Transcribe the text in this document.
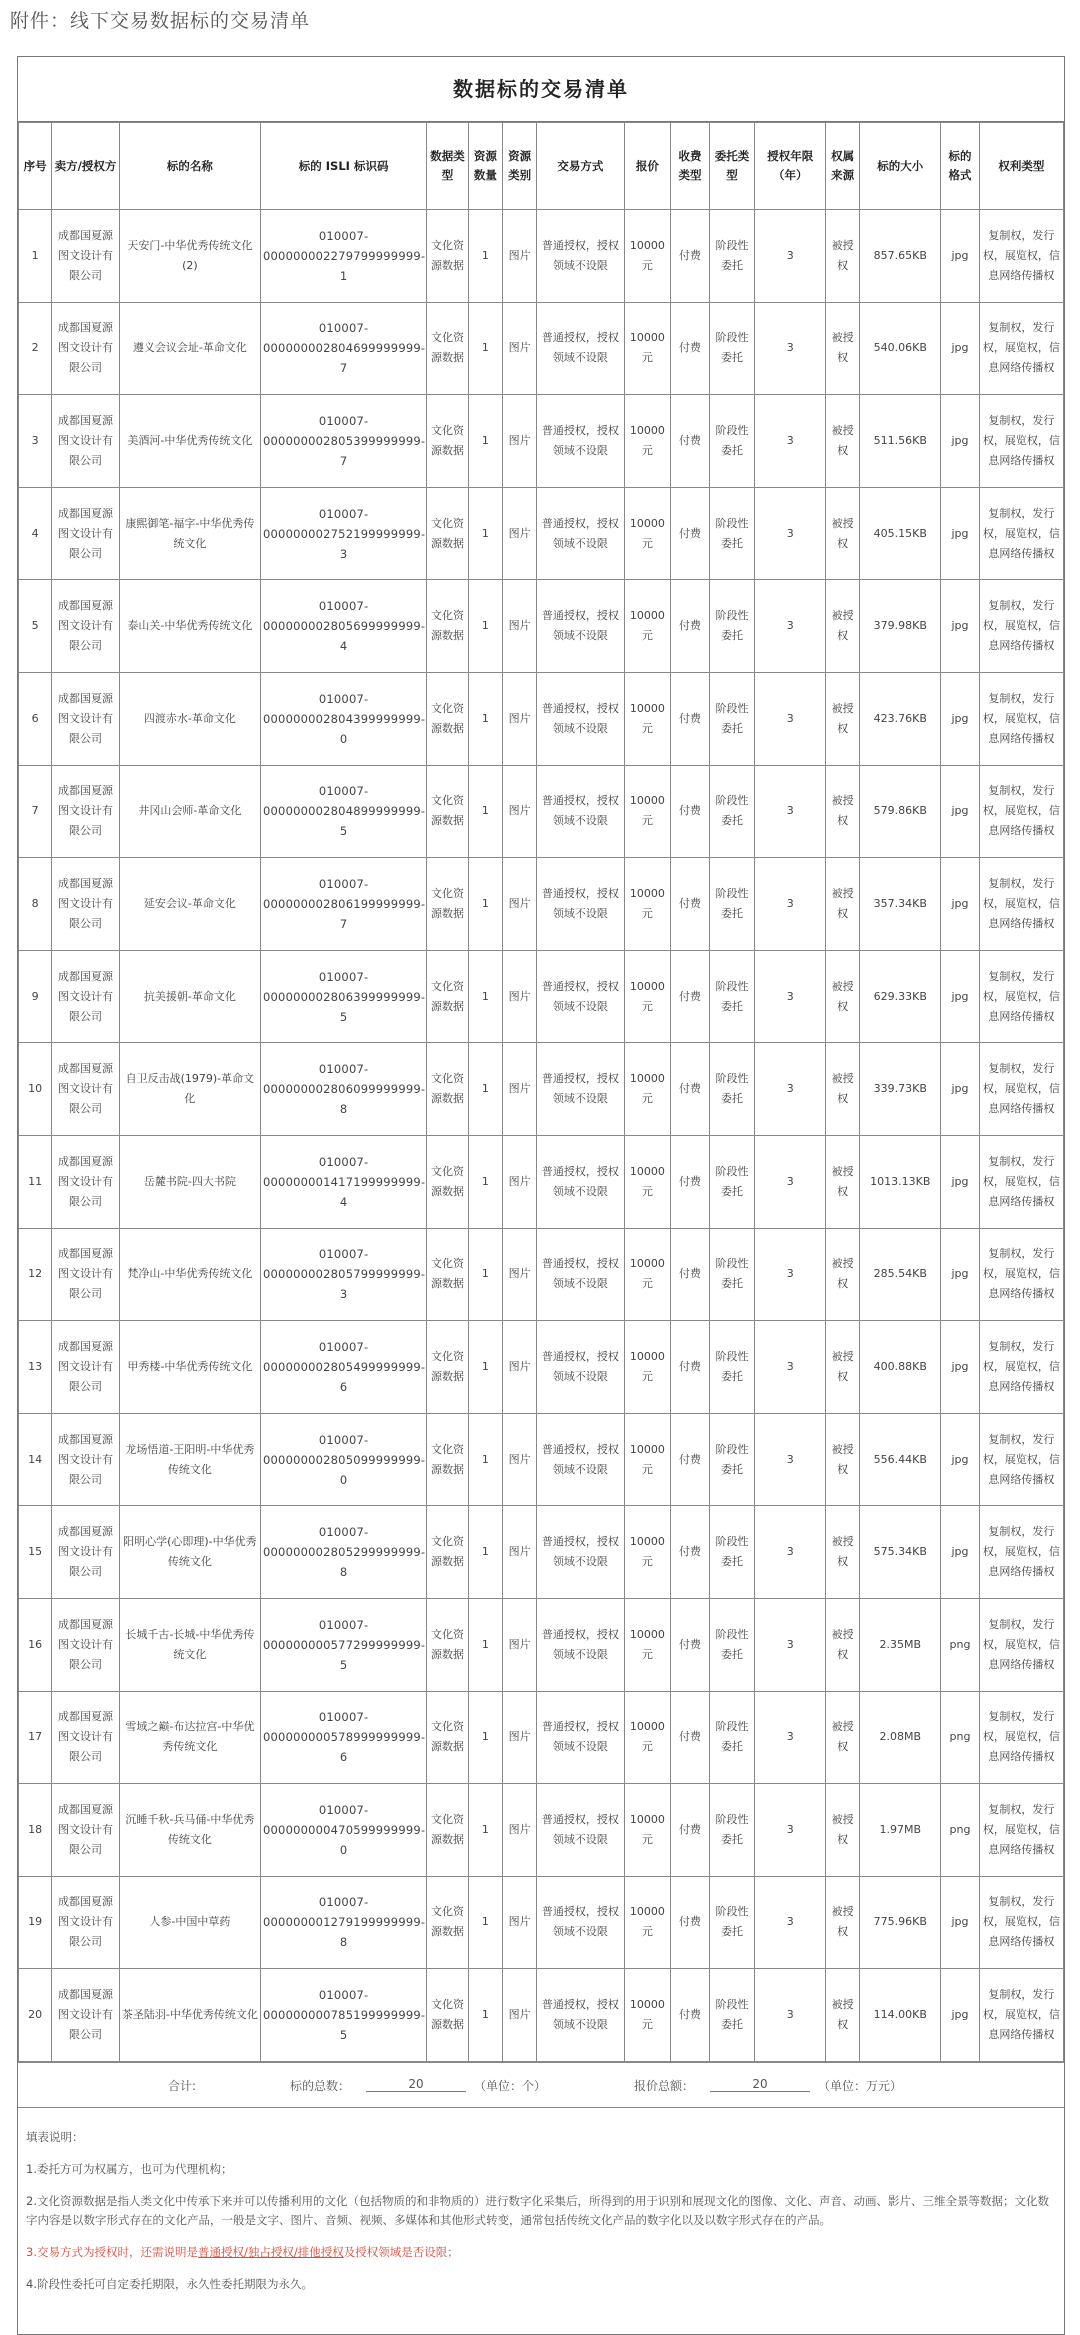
附件：线下交易数据标的交易清单
数据标的交易清单
序号	卖方/授权方	标的名称	标的 ISLI 标识码	数据类型	资源数量	资源类别	交易方式	报价	收费类型	委托类型	授权年限（年）	权属来源	标的大小	标的格式	权利类型
1	成都国夏源图文设计有限公司	天安门-中华优秀传统文化(2)	010007-000000002279799999999-1	文化资源数据	1	图片	普通授权，授权领域不设限	10000元	付费	阶段性委托	3	被授权	857.65KB	jpg	复制权，发行权，展览权，信息网络传播权
2	成都国夏源图文设计有限公司	遵义会议会址-革命文化	010007-000000002804699999999-7	文化资源数据	1	图片	普通授权，授权领域不设限	10000元	付费	阶段性委托	3	被授权	540.06KB	jpg	复制权，发行权，展览权，信息网络传播权
3	成都国夏源图文设计有限公司	美酒河-中华优秀传统文化	010007-000000002805399999999-7	文化资源数据	1	图片	普通授权，授权领域不设限	10000元	付费	阶段性委托	3	被授权	511.56KB	jpg	复制权，发行权，展览权，信息网络传播权
4	成都国夏源图文设计有限公司	康熙御笔-福字-中华优秀传统文化	010007-000000002752199999999-3	文化资源数据	1	图片	普通授权，授权领域不设限	10000元	付费	阶段性委托	3	被授权	405.15KB	jpg	复制权，发行权，展览权，信息网络传播权
5	成都国夏源图文设计有限公司	泰山关-中华优秀传统文化	010007-000000002805699999999-4	文化资源数据	1	图片	普通授权，授权领域不设限	10000元	付费	阶段性委托	3	被授权	379.98KB	jpg	复制权，发行权，展览权，信息网络传播权
6	成都国夏源图文设计有限公司	四渡赤水-革命文化	010007-000000002804399999999-0	文化资源数据	1	图片	普通授权，授权领域不设限	10000元	付费	阶段性委托	3	被授权	423.76KB	jpg	复制权，发行权，展览权，信息网络传播权
7	成都国夏源图文设计有限公司	井冈山会师-革命文化	010007-000000002804899999999-5	文化资源数据	1	图片	普通授权，授权领域不设限	10000元	付费	阶段性委托	3	被授权	579.86KB	jpg	复制权，发行权，展览权，信息网络传播权
8	成都国夏源图文设计有限公司	延安会议-革命文化	010007-000000002806199999999-7	文化资源数据	1	图片	普通授权，授权领域不设限	10000元	付费	阶段性委托	3	被授权	357.34KB	jpg	复制权，发行权，展览权，信息网络传播权
9	成都国夏源图文设计有限公司	抗美援朝-革命文化	010007-000000002806399999999-5	文化资源数据	1	图片	普通授权，授权领域不设限	10000元	付费	阶段性委托	3	被授权	629.33KB	jpg	复制权，发行权，展览权，信息网络传播权
10	成都国夏源图文设计有限公司	自卫反击战(1979)-革命文化	010007-000000002806099999999-8	文化资源数据	1	图片	普通授权，授权领域不设限	10000元	付费	阶段性委托	3	被授权	339.73KB	jpg	复制权，发行权，展览权，信息网络传播权
11	成都国夏源图文设计有限公司	岳麓书院-四大书院	010007-000000001417199999999-4	文化资源数据	1	图片	普通授权，授权领域不设限	10000元	付费	阶段性委托	3	被授权	1013.13KB	jpg	复制权，发行权，展览权，信息网络传播权
12	成都国夏源图文设计有限公司	梵净山-中华优秀传统文化	010007-000000002805799999999-3	文化资源数据	1	图片	普通授权，授权领域不设限	10000元	付费	阶段性委托	3	被授权	285.54KB	jpg	复制权，发行权，展览权，信息网络传播权
13	成都国夏源图文设计有限公司	甲秀楼-中华优秀传统文化	010007-000000002805499999999-6	文化资源数据	1	图片	普通授权，授权领域不设限	10000元	付费	阶段性委托	3	被授权	400.88KB	jpg	复制权，发行权，展览权，信息网络传播权
14	成都国夏源图文设计有限公司	龙场悟道-王阳明-中华优秀传统文化	010007-000000002805099999999-0	文化资源数据	1	图片	普通授权，授权领域不设限	10000元	付费	阶段性委托	3	被授权	556.44KB	jpg	复制权，发行权，展览权，信息网络传播权
15	成都国夏源图文设计有限公司	阳明心学(心即理)-中华优秀传统文化	010007-000000002805299999999-8	文化资源数据	1	图片	普通授权，授权领域不设限	10000元	付费	阶段性委托	3	被授权	575.34KB	jpg	复制权，发行权，展览权，信息网络传播权
16	成都国夏源图文设计有限公司	长城千古-长城-中华优秀传统文化	010007-000000000577299999999-5	文化资源数据	1	图片	普通授权，授权领域不设限	10000元	付费	阶段性委托	3	被授权	2.35MB	png	复制权，发行权，展览权，信息网络传播权
17	成都国夏源图文设计有限公司	雪域之巅-布达拉宫-中华优秀传统文化	010007-000000000578999999999-6	文化资源数据	1	图片	普通授权，授权领域不设限	10000元	付费	阶段性委托	3	被授权	2.08MB	png	复制权，发行权，展览权，信息网络传播权
18	成都国夏源图文设计有限公司	沉睡千秋-兵马俑-中华优秀传统文化	010007-000000000470599999999-0	文化资源数据	1	图片	普通授权，授权领域不设限	10000元	付费	阶段性委托	3	被授权	1.97MB	png	复制权，发行权，展览权，信息网络传播权
19	成都国夏源图文设计有限公司	人参-中国中草药	010007-000000001279199999999-8	文化资源数据	1	图片	普通授权，授权领域不设限	10000元	付费	阶段性委托	3	被授权	775.96KB	jpg	复制权，发行权，展览权，信息网络传播权
20	成都国夏源图文设计有限公司	茶圣陆羽-中华优秀传统文化	010007-000000000785199999999-5	文化资源数据	1	图片	普通授权，授权领域不设限	10000元	付费	阶段性委托	3	被授权	114.00KB	jpg	复制权，发行权，展览权，信息网络传播权
合计:	标的总数：	20	（单位：个）	报价总额：	20	（单位：万元）

填表说明：

1.委托方可为权属方，也可为代理机构；

2.文化资源数据是指人类文化中传承下来并可以传播利用的文化（包括物质的和非物质的）进行数字化采集后，所得到的用于识别和展现文化的图像、文化、声音、动画、影片、三维全景等数据；文化数字内容是以数字形式存在的文化产品，一般是文字、图片、音频、视频、多媒体和其他形式转变，通常包括传统文化产品的数字化以及以数字形式存在的产品。

3.交易方式为授权时，还需说明是普通授权/独占授权/排他授权及授权领域是否设限；

4.阶段性委托可自定委托期限，永久性委托期限为永久。
